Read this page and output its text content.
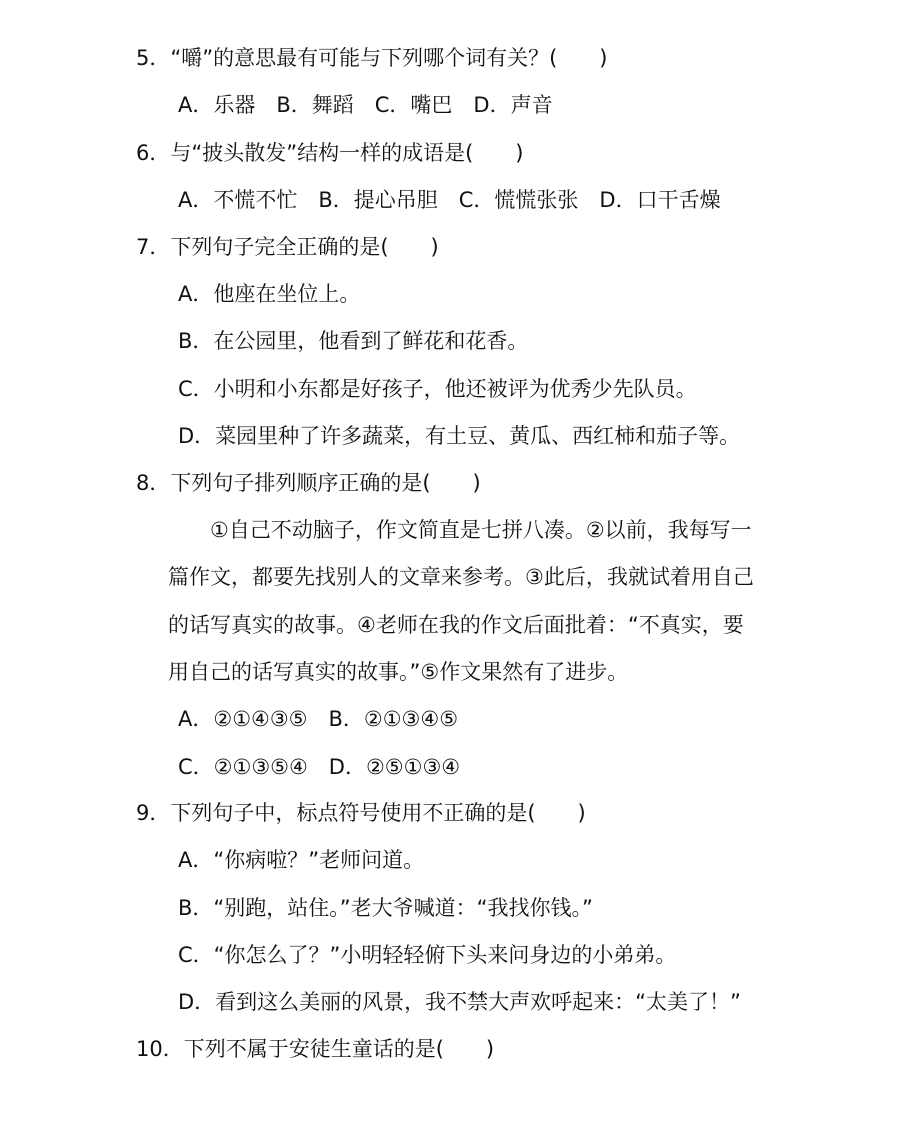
5．“嚼”的意思最有可能与下列哪个词有关？(　　)
A．乐器　B．舞蹈　C．嘴巴　D．声音
6．与“披头散发”结构一样的成语是(　　)
A．不慌不忙　B．提心吊胆　C．慌慌张张　D．口干舌燥
7．下列句子完全正确的是(　　)
A．他座在坐位上。
B．在公园里，他看到了鲜花和花香。
C．小明和小东都是好孩子，他还被评为优秀少先队员。
D．菜园里种了许多蔬菜，有土豆、黄瓜、西红柿和茄子等。
8．下列句子排列顺序正确的是(　　)
①自己不动脑子，作文简直是七拼八凑。②以前，我每写一
篇作文，都要先找别人的文章来参考。③此后，我就试着用自己
的话写真实的故事。④老师在我的作文后面批着：“不真实，要
用自己的话写真实的故事。”⑤作文果然有了进步。
A．②①④③⑤　B．②①③④⑤
C．②①③⑤④　D．②⑤①③④
9．下列句子中，标点符号使用不正确的是(　　)
A．“你病啦？”老师问道。
B．“别跑，站住。”老大爷喊道：“我找你钱。”
C．“你怎么了？”小明轻轻俯下头来问身边的小弟弟。
D．看到这么美丽的风景，我不禁大声欢呼起来：“太美了！”
10．下列不属于安徒生童话的是(　　)
